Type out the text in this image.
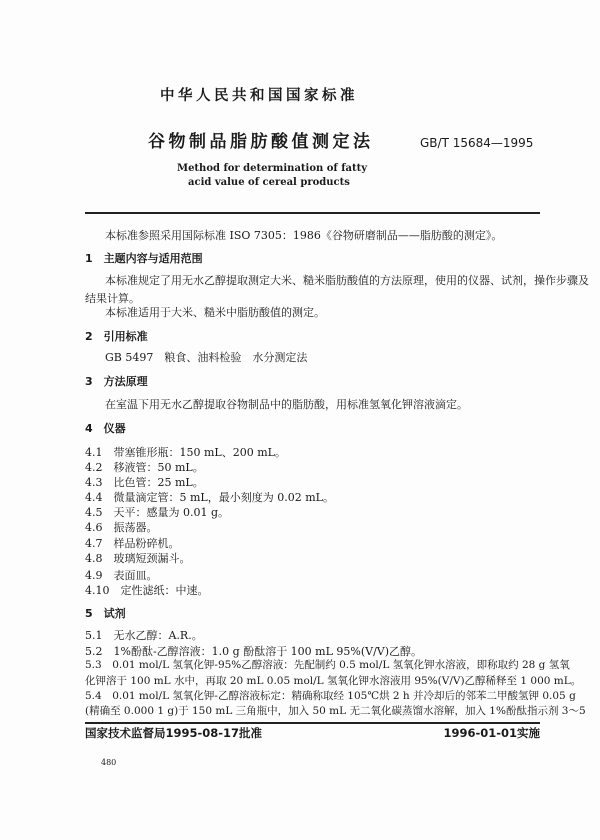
中华人民共和国国家标准
谷物制品脂肪酸值测定法	GB/T 15684—1995
Method for determination of fatty
acid value of cereal products
本标准参照采用国际标准 ISO 7305：1986《谷物研磨制品——脂肪酸的测定》。
1　主题内容与适用范围
本标准规定了用无水乙醇提取测定大米、糙米脂肪酸值的方法原理，使用的仪器、试剂，操作步骤及
结果计算。
本标准适用于大米、糙米中脂肪酸值的测定。
2　引用标准
GB 5497　粮食、油料检验　水分测定法
3　方法原理
在室温下用无水乙醇提取谷物制品中的脂肪酸，用标准氢氧化钾溶液滴定。
4　仪器
4.1　带塞锥形瓶：150 mL、200 mL。
4.2　移液管：50 mL。
4.3　比色管：25 mL。
4.4　微量滴定管：5 mL，最小刻度为 0.02 mL。
4.5　天平：感量为 0.01 g。
4.6　振荡器。
4.7　样品粉碎机。
4.8　玻璃短颈漏斗。
4.9　表面皿。
4.10　定性滤纸：中速。
5　试剂
5.1　无水乙醇：A.R.。
5.2　1%酚酞-乙醇溶液：1.0 g 酚酞溶于 100 mL 95%(V/V)乙醇。
5.3　0.01 mol/L 氢氧化钾-95%乙醇溶液：先配制约 0.5 mol/L 氢氧化钾水溶液，即称取约 28 g 氢氧
化钾溶于 100 mL 水中，再取 20 mL 0.05 mol/L 氢氧化钾水溶液用 95%(V/V)乙醇稀释至 1 000 mL。
5.4　0.01 mol/L 氢氧化钾-乙醇溶液标定：精确称取经 105℃烘 2 h 并冷却后的邻苯二甲酸氢钾 0.05 g
(精确至 0.000 1 g)于 150 mL 三角瓶中，加入 50 mL 无二氧化碳蒸馏水溶解，加入 1%酚酞指示剂 3～5
国家技术监督局1995-08-17批准	1996-01-01实施
480
